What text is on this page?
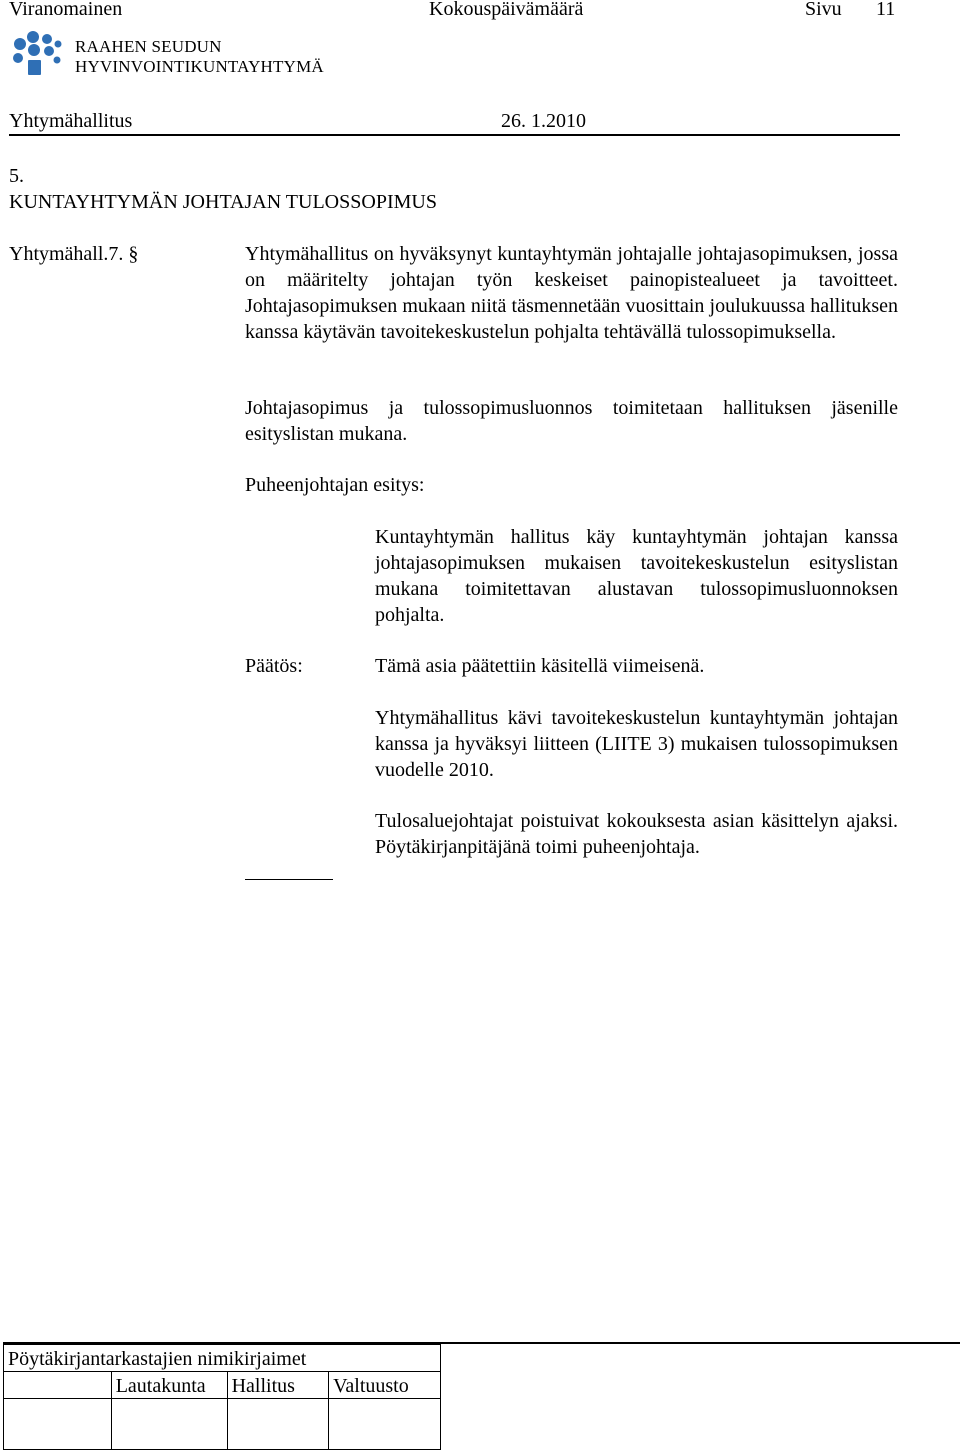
Viranomainen	Kokouspäivämäärä	Sivu 11
RAAHEN SEUDUN
HYVINVOINTIKUNTAYHTYMÄ
Yhtymähallitus	26. 1.2010
5.
KUNTAYHTYMÄN JOHTAJAN TULOSSOPIMUS
Yhtymähall.7. §	Yhtymähallitus on hyväksynyt kuntayhtymän johtajalle johtajasopimuksen, jossa on määritelty johtajan työn keskeiset painopistealueet ja tavoitteet. Johtajasopimuksen mukaan niitä täsmennetään vuosittain joulukuussa hallituksen kanssa käytävän tavoitekeskustelun pohjalta tehtävällä tulossopimuksella.
Johtajasopimus ja tulossopimusluonnos toimitetaan hallituksen jäsenille esityslistan mukana.
Puheenjohtajan esitys:
Kuntayhtymän hallitus käy kuntayhtymän johtajan kanssa johtajasopimuksen mukaisen tavoitekeskustelun esityslistan mukana toimitettavan alustavan tulossopimusluonnoksen pohjalta.
Päätös:	Tämä asia päätettiin käsitellä viimeisenä.
Yhtymähallitus kävi tavoitekeskustelun kuntayhtymän johtajan kanssa ja hyväksyi liitteen (LIITE 3) mukaisen tulossopimuksen vuodelle 2010.
Tulosaluejohtajat poistuivat kokouksesta asian käsittelyn ajaksi. Pöytäkirjanpitäjänä toimi puheenjohtaja.
Pöytäkirjantarkastajien nimikirjaimet			
	Lautakunta	Hallitus	Valtuusto
